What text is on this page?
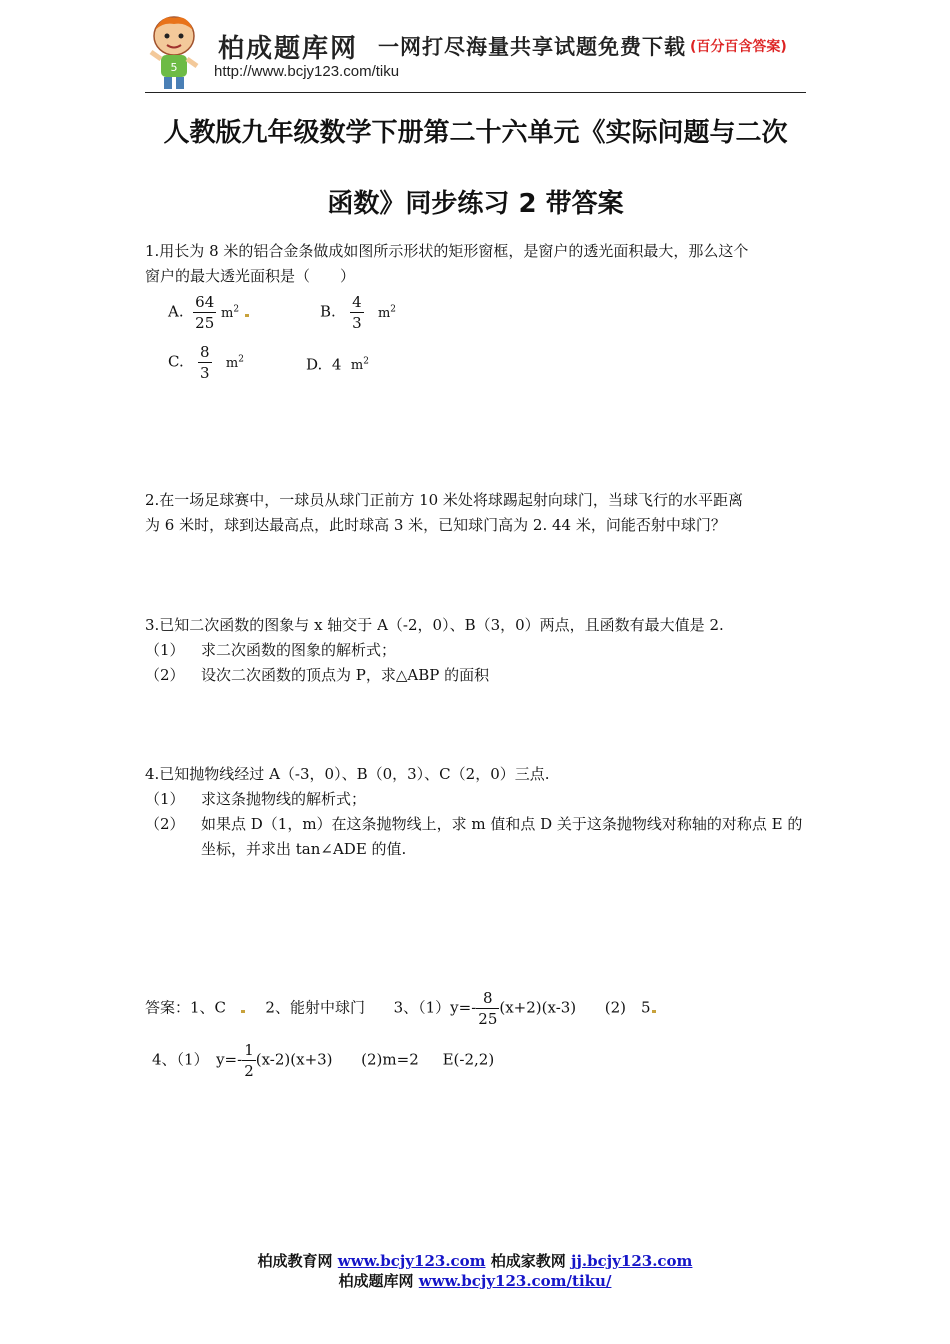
5
柏成题库网 一网打尽海量共享试题免费下载 (百分百含答案)
http://www.bcjy123.com/tiku
人教版九年级数学下册第二十六单元《实际问题与二次
函数》同步练习 2 带答案
1.用长为 8 米的铝合金条做成如图所示形状的矩形窗框，是窗户的透光面积最大，那么这个
窗户的最大透光面积是（　　）
A. $\frac{64}{25} m^2$	B. $\frac{4}{3} m^2$
C. $\frac{8}{3} m^2$	D. 4 $m^2$
2.在一场足球赛中，一球员从球门正前方 10 米处将球踢起射向球门，当球飞行的水平距离
为 6 米时，球到达最高点，此时球高 3 米，已知球门高为 2. 44 米，问能否射中球门？
3.已知二次函数的图象与 x 轴交于 A（-2，0）、B（3，0）两点，且函数有最大值是 2.
（1） 求二次函数的图象的解析式；
（2） 设次二次函数的顶点为 P，求△ABP 的面积
4.已知抛物线经过 A（-3，0）、B（0，3）、C（2，0）三点.
（1） 求这条抛物线的解析式；
（2） 如果点 D（1，m）在这条抛物线上，求 m 值和点 D 关于这条抛物线对称轴的对称点 E 的
坐标，并求出 tan∠ADE 的值.
答案：1、C	2、能射中球门 3、$(1)y=- \frac{8}{25} (x+2)(x-3)$ (2)　5
4、（1）　$y=- \frac{1}{2} (x-2)(x+3)$ (2)m=2 E(-2,2)
柏成教育网 www.bcjy123.com 柏成家教网 jj.bcjy123.com
柏成题库网 www.bcjy123.com/tiku/
